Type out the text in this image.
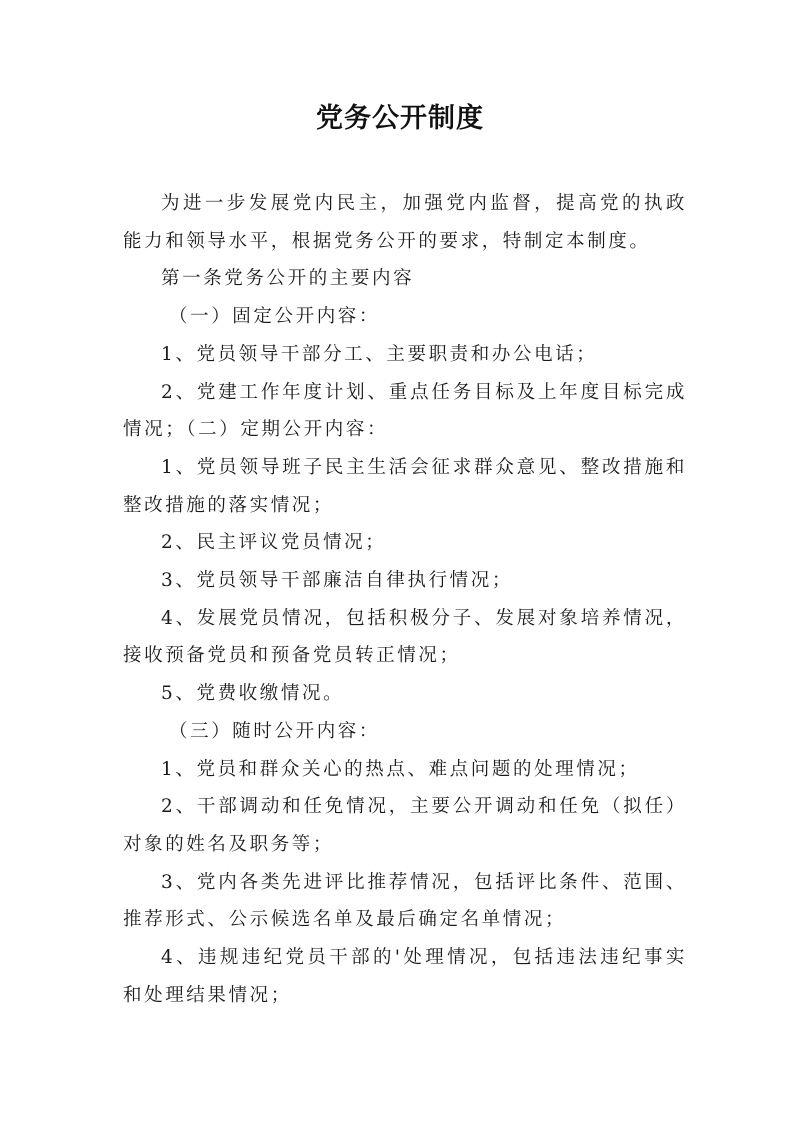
党务公开制度

为进一步发展党内民主，加强党内监督，提高党的执政能力和领导水平，根据党务公开的要求，特制定本制度。

第一条党务公开的主要内容

（一）固定公开内容：

1、党员领导干部分工、主要职责和办公电话；

2、党建工作年度计划、重点任务目标及上年度目标完成情况；（二）定期公开内容：

1、党员领导班子民主生活会征求群众意见、整改措施和整改措施的落实情况；

2、民主评议党员情况；

3、党员领导干部廉洁自律执行情况；

4、发展党员情况，包括积极分子、发展对象培养情况，接收预备党员和预备党员转正情况；

5、党费收缴情况。

（三）随时公开内容：

1、党员和群众关心的热点、难点问题的处理情况；

2、干部调动和任免情况，主要公开调动和任免（拟任）对象的姓名及职务等；

3、党内各类先进评比推荐情况，包括评比条件、范围、推荐形式、公示候选名单及最后确定名单情况；

4、违规违纪党员干部的'处理情况，包括违法违纪事实和处理结果情况；
